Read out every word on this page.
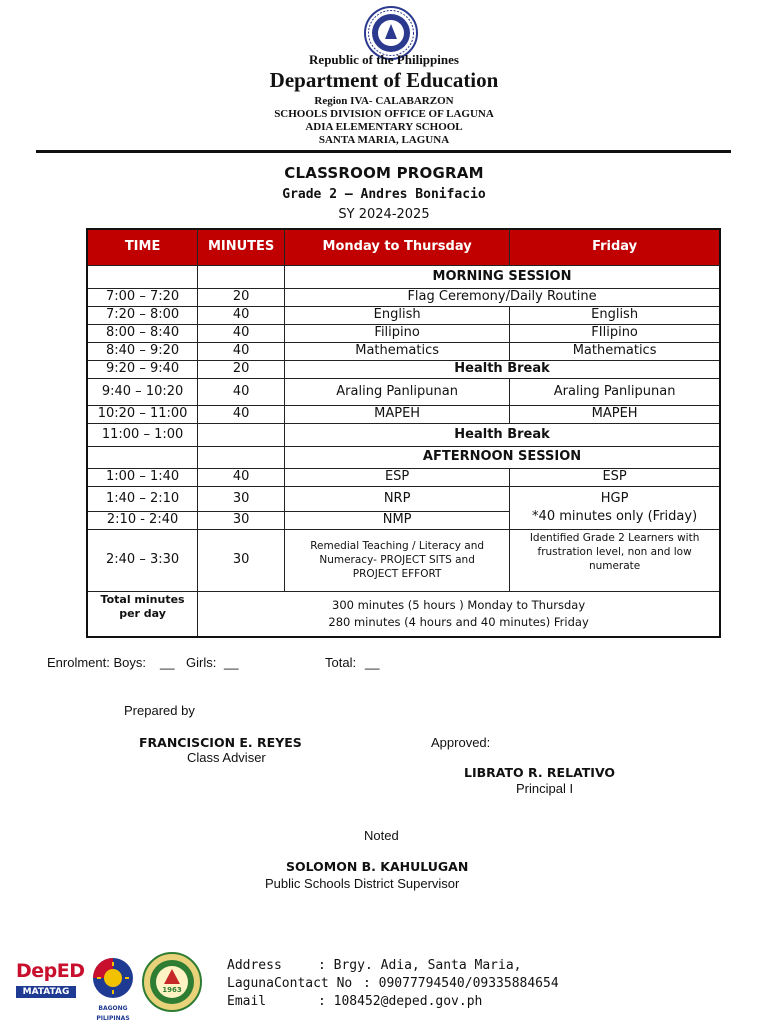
Republic of the Philippines
Department of Education
Region IVA- CALABARZON
SCHOOLS DIVISION OFFICE OF LAGUNA
ADIA ELEMENTARY SCHOOL
SANTA MARIA, LAGUNA
CLASSROOM PROGRAM
Grade 2 – Andres Bonifacio
SY 2024-2025
TIME	MINUTES	Monday to Thursday	Friday
		MORNING SESSION	
7:00 – 7:20	20	Flag Ceremony/Daily Routine	
7:20 – 8:00	40	English	English
8:00 – 8:40	40	Filipino	FIlipino
8:40 – 9:20	40	Mathematics	Mathematics
9:20 – 9:40	20	Health Break	
9:40 – 10:20	40	Araling Panlipunan	Araling Panlipunan
10:20 – 11:00	40	MAPEH	MAPEH
11:00 – 1:00		Health Break	
		AFTERNOON SESSION	
1:00 – 1:40	40	ESP	ESP
1:40 – 2:10	30	NRP	HGP
*40 minutes only (Friday)

2:10 - 2:40	30	NMP	
2:40 – 3:30	30	Remedial Teaching / Literacy and Numeracy- PROJECT SITS and PROJECT EFFORT	Identified Grade 2 Learners with frustration level, non and low numerate
Total minutes per day	300 minutes (5 hours ) Monday to Thursday
280 minutes (4 hours and 40 minutes) Friday		
Enrolment: Boys: __ Girls: __	Total: __
Prepared by
FRANCISCION E. REYES
Class Adviser
Approved:
LIBRATO R. RELATIVO
Principal I
Noted
SOLOMON B. KAHULUGAN
Public Schools District Supervisor
DepED
MATATAG
BAGONG PILIPINAS
1963
Address	: Brgy. Adia, Santa Maria,
LagunaContact No : 09077794540/09335884654
Email	: 108452@deped.gov.ph
